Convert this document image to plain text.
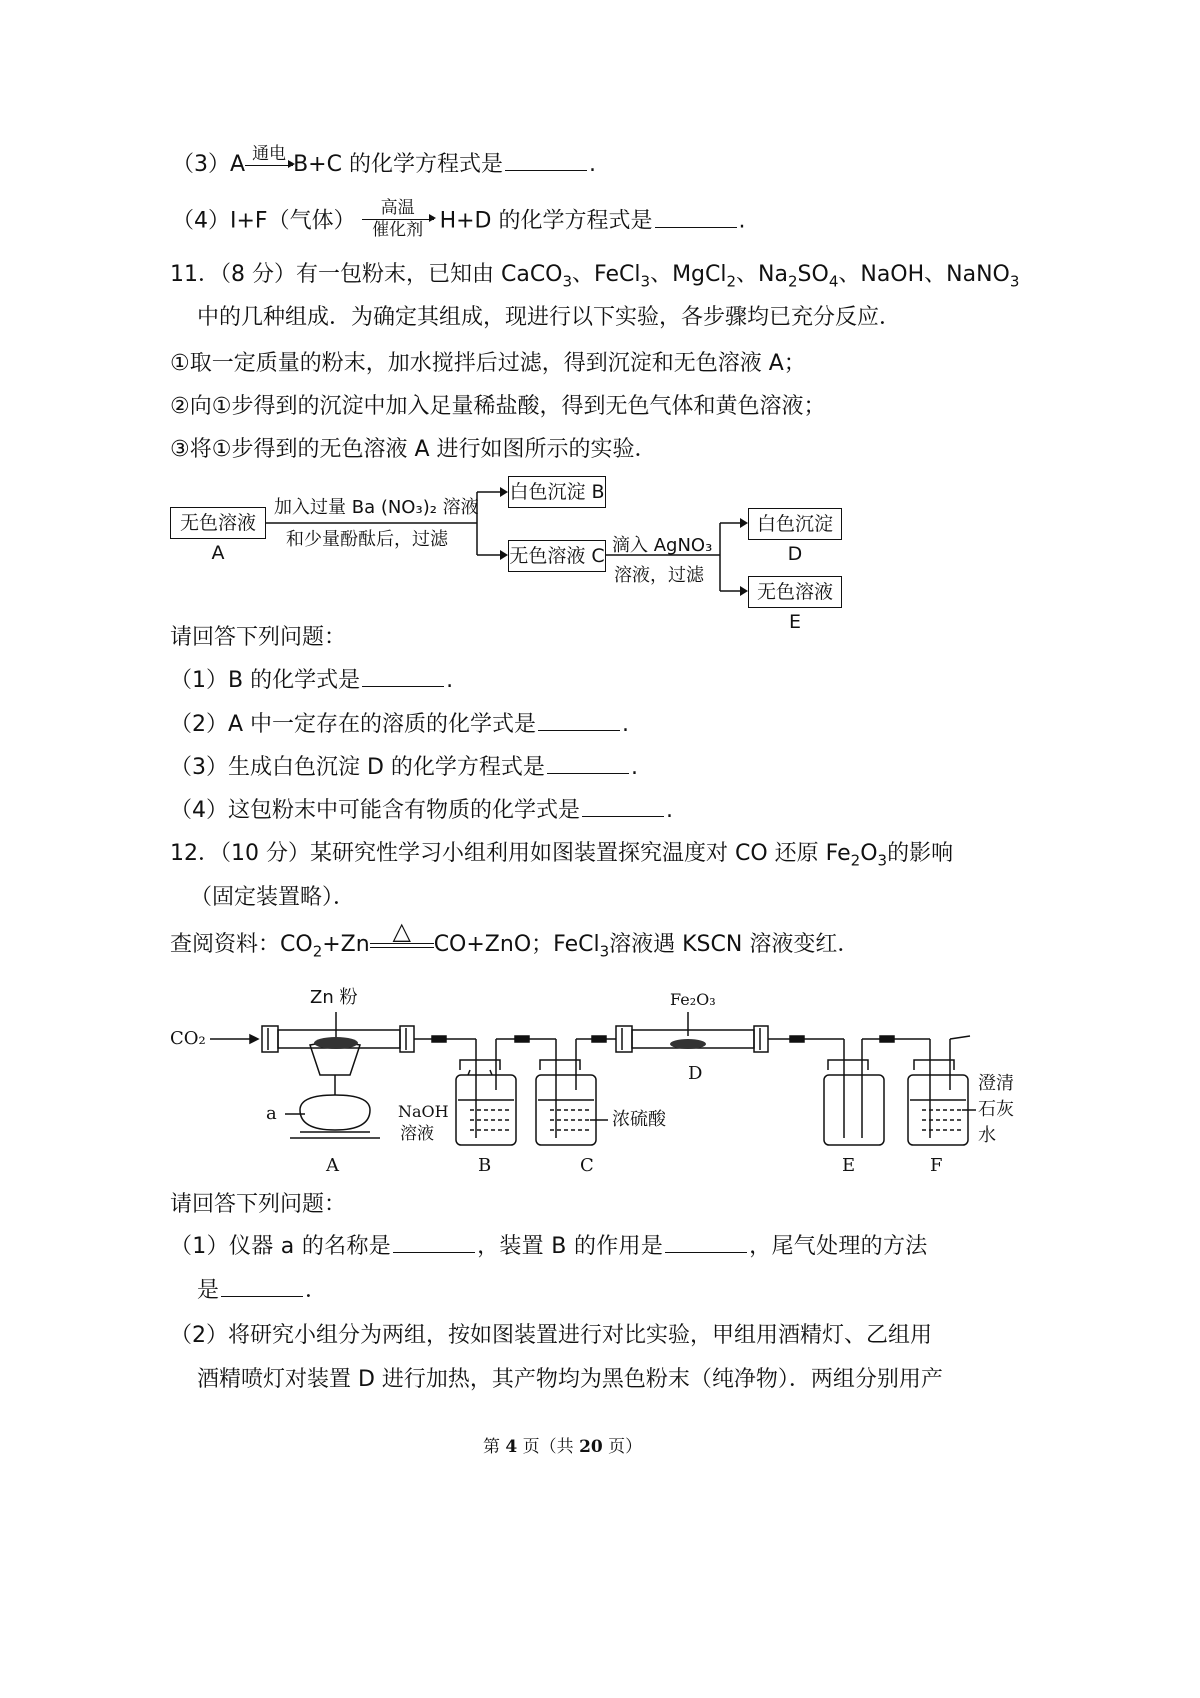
（3）A 通电 B+C 的化学方程式是	.
（4）I+F（气体）
高温
催化剂 H+D 的化学方程式是	.
11．（8 分）有一包粉末，已知由 CaCO$_3$、FeCl$_3$、MgCl$_2$、$Na_2SO_4$、NaOH、NaNO$_3$
中的几种组成．为确定其组成，现进行以下实验，各步骤均已充分反应．
①取一定质量的粉末，加水搅拌后过滤，得到沉淀和无色溶液 A；
②向①步得到的沉淀中加入足量稀盐酸，得到无色气体和黄色溶液；
③将①步得到的无色溶液 A 进行如图所示的实验．
无色溶液 A
加入过量 Ba (NO₃)₂ 溶液
和少量酚酞后，过滤
白色沉淀 B
无色溶液 C 滴入 AgNO₃
溶液，过滤
白色沉淀 D
无色溶液 E
请回答下列问题：
（1）B 的化学式是	.
（2）A 中一定存在的溶质的化学式是	.
（3）生成白色沉淀 D 的化学方程式是	.
（4）这包粉末中可能含有物质的化学式是	.
12．（10 分）某研究性学习小组利用如图装置探究温度对 CO 还原 $Fe_2O_3$的影响
（固定装置略）．
查阅资料：$CO_2+Zn$ △	CO+ZnO；FeCl$_3$溶液遇 KSCN 溶液变红．
CO₂
Zn 粉	Fe₂O₃
D
a	NaOH
溶液
浓硫酸
澄清
石灰
水
A	B	C	E	F
请回答下列问题：
（1）仪器 a 的名称是	，装置 B 的作用是	，尾气处理的方法
是	．
（2）将研究小组分为两组，按如图装置进行对比实验，甲组用酒精灯、乙组用
酒精喷灯对装置 D 进行加热，其产物均为黑色粉末（纯净物）．两组分别用产
第 4 页（共 20 页）
